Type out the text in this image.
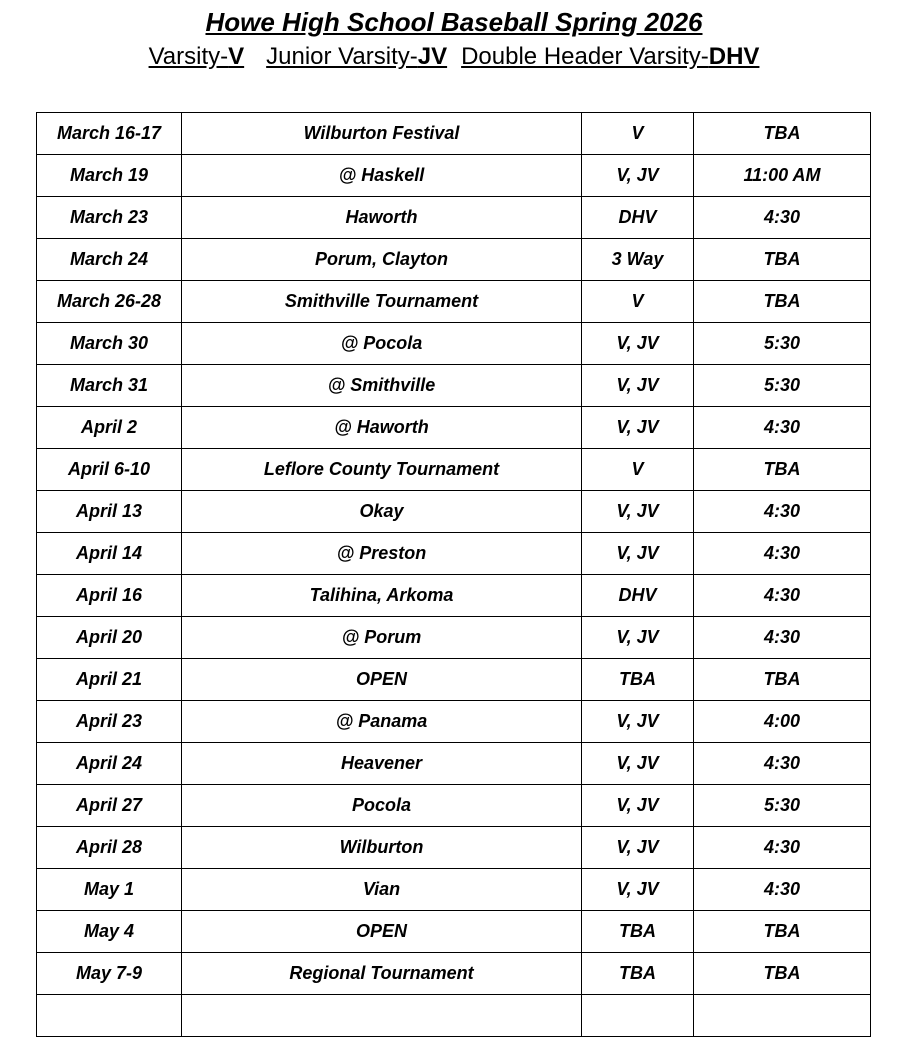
Howe High School Baseball Spring 2026
Varsity-V Junior Varsity-JV Double Header Varsity-DHV
March 16-17	Wilburton Festival	V	TBA
March 19	@ Haskell	V, JV	11:00 AM
March 23	Haworth	DHV	4:30
March 24	Porum, Clayton	3 Way	TBA
March 26-28	Smithville Tournament	V	TBA
March 30	@ Pocola	V, JV	5:30
March 31	@ Smithville	V, JV	5:30
April 2	@ Haworth	V, JV	4:30
April 6-10	Leflore County Tournament	V	TBA
April 13	Okay	V, JV	4:30
April 14	@ Preston	V, JV	4:30
April 16	Talihina, Arkoma	DHV	4:30
April 20	@ Porum	V, JV	4:30
April 21	OPEN	TBA	TBA
April 23	@ Panama	V, JV	4:00
April 24	Heavener	V, JV	4:30
April 27	Pocola	V, JV	5:30
April 28	Wilburton	V, JV	4:30
May 1	Vian	V, JV	4:30
May 4	OPEN	TBA	TBA
May 7-9	Regional Tournament	TBA	TBA
